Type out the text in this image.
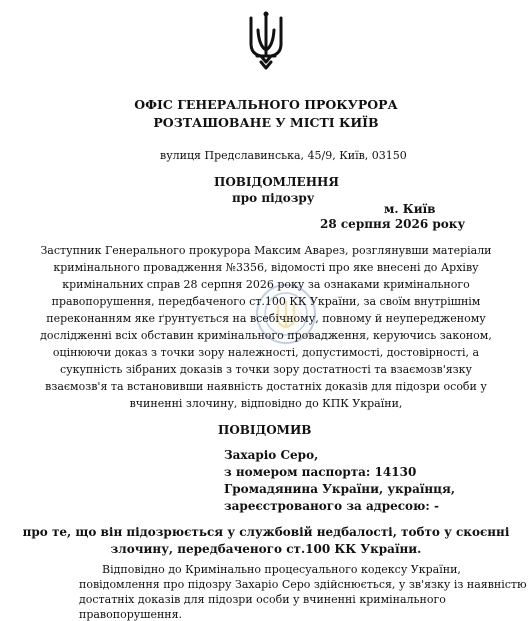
ОФІС ГЕНЕРАЛЬНОГО ПРОКУРОРА
РОЗТАШОВАНЕ У МІСТІ КИЇВ
вулиця Предславинська, 45/9, Київ, 03150
ПОВІДОМЛЕННЯ
про підозру
м. Київ
28 серпня 2026 року
Заступник Генерального прокурора Максим Аварез, розглянувши матеріали
кримінального провадження №3356, відомості про яке внесені до Архіву
кримінальних справ 28 серпня 2026 року за ознаками кримінального
правопорушення, передбаченого ст.100 КК України, за своїм внутрішнім
переконанням яке ґрунтується на всебічному, повному й неупередженому
дослідженні всіх обставин кримінального провадження, керуючись законом,
оцінюючи доказ з точки зору належності, допустимості, достовірності, а
сукупність зібраних доказів з точки зору достатності та взаємозв'язку
взаємозв'я та встановивши наявність достатніх доказів для підозри особи у
вчиненні злочину, відповідно до КПК України,
ПОВІДОМИВ
Захаріо Серо,
з номером паспорта: 14130
Громадянина України, українця,
зареєстрованого за адресою: -
про те, що він підозрюється у службовій недбалості, тобто у скоєнні
злочину, передбаченого ст.100 КК України.
Відповідно до Кримінально процесуального кодексу України,
повідомлення про підозру Захаріо Серо здійснюється, у зв'язку із наявністю
достатніх доказів для підозри особи у вчиненні кримінального
правопорушення.
